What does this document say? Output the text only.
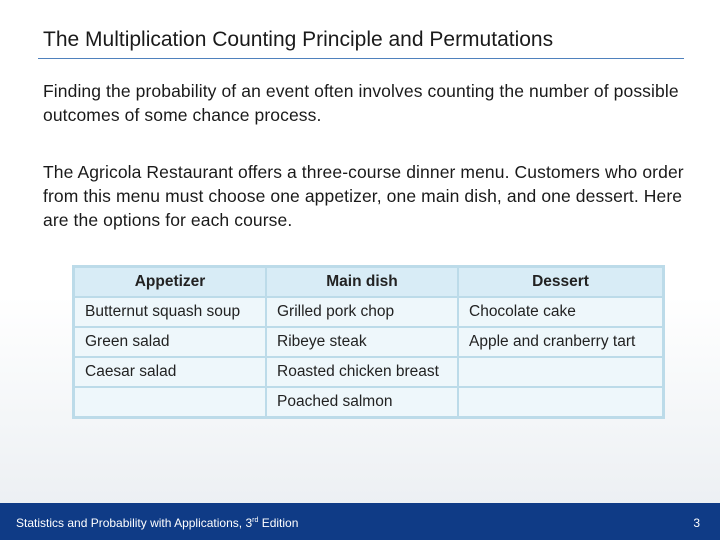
The Multiplication Counting Principle and Permutations
Finding the probability of an event often involves counting the number of possible outcomes of some chance process.
The Agricola Restaurant offers a three-course dinner menu. Customers who order from this menu must choose one appetizer, one main dish, and one dessert. Here are the options for each course.
Appetizer	Main dish	Dessert
Butternut squash soup	Grilled pork chop	Chocolate cake
Green salad	Ribeye steak	Apple and cranberry tart
Caesar salad	Roasted chicken breast	
	Poached salmon	
Statistics and Probability with Applications, 3rd Edition	3
